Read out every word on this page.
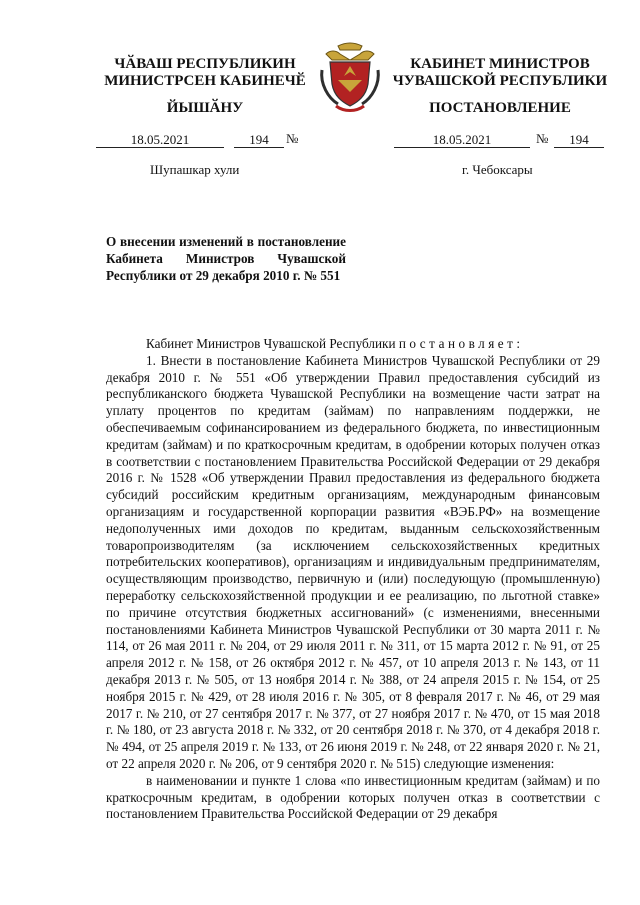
ЧӐВАШ РЕСПУБЛИКИН
МИНИСТРСЕН КАБИНЕЧӖ
КАБИНЕТ МИНИСТРОВ
ЧУВАШСКОЙ РЕСПУБЛИКИ
ЙЫШӐНУ	ПОСТАНОВЛЕНИЕ
18.05.2021	194	№	18.05.2021	№	194
Шупашкар хули	г. Чебоксары
О внесении изменений в постановление Кабинета Министров Чувашской Республики от 29 декабря 2010 г. № 551

Кабинет Министров Чувашской Республики постановляет:

1. Внести в постановление Кабинета Министров Чувашской Республики от 29 декабря 2010 г. № 551 «Об утверждении Правил предоставления субсидий из республиканского бюджета Чувашской Республики на возмещение части затрат на уплату процентов по кредитам (займам) по направлениям поддержки, не обеспечиваемым софинансированием из федерального бюджета, по инвестиционным кредитам (займам) и по краткосрочным кредитам, в одобрении которых получен отказ в соответствии с постановлением Правительства Российской Федерации от 29 декабря 2016 г. № 1528 «Об утверждении Правил предоставления из федерального бюджета субсидий российским кредитным организациям, международным финансовым организациям и государственной корпорации развития «ВЭБ.РФ» на возмещение недополученных ими доходов по кредитам, выданным сельскохозяйственным товаропроизводителям (за исключением сельскохозяйственных кредитных потребительских кооперативов), организациям и индивидуальным предпринимателям, осуществляющим производство, первичную и (или) последующую (промышленную) переработку сельскохозяйственной продукции и ее реализацию, по льготной ставке» по причине отсутствия бюджетных ассигнований» (с изменениями, внесенными постановлениями Кабинета Министров Чувашской Республики от 30 марта 2011 г. № 114, от 26 мая 2011 г. № 204, от 29 июля 2011 г. № 311, от 15 марта 2012 г. № 91, от 25 апреля 2012 г. № 158, от 26 октября 2012 г. № 457, от 10 апреля 2013 г. № 143, от 11 декабря 2013 г. № 505, от 13 ноября 2014 г. № 388, от 24 апреля 2015 г. № 154, от 25 ноября 2015 г. № 429, от 28 июля 2016 г. № 305, от 8 февраля 2017 г. № 46, от 29 мая 2017 г. № 210, от 27 сентября 2017 г. № 377, от 27 ноября 2017 г. № 470, от 15 мая 2018 г. № 180, от 23 августа 2018 г. № 332, от 20 сентября 2018 г. № 370, от 4 декабря 2018 г. № 494, от 25 апреля 2019 г. № 133, от 26 июня 2019 г. № 248, от 22 января 2020 г. № 21, от 22 апреля 2020 г. № 206, от 9 сентября 2020 г. № 515) следующие изменения:

в наименовании и пункте 1 слова «по инвестиционным кредитам (займам) и по краткосрочным кредитам, в одобрении которых получен отказ в соответствии с постановлением Правительства Российской Федерации от 29 декабря
